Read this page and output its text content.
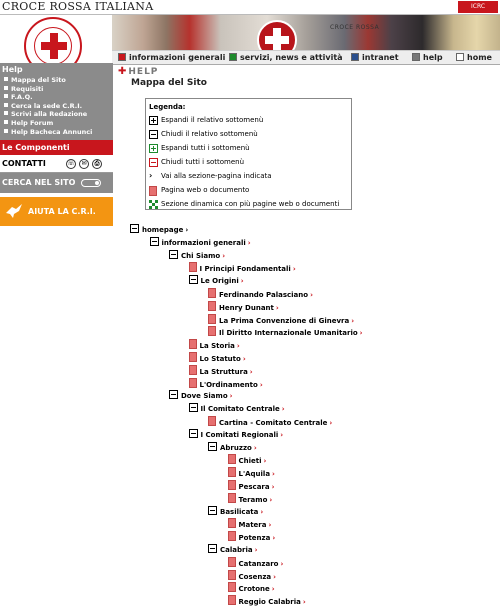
CROCE ROSSA ITALIANA	ICRC
CROCE ROSSA
informazioni generali	servizi, news e attività	intranet	help	home
Help
Mappa del Sito
Requisiti
F.A.Q.
Cerca la sede C.R.I.
Scrivi alla Redazione
Help Forum
Help Bacheca Annunci
Le Componenti
CONTATTI	☏	✉	⎙
CERCA NEL SITO
AIUTA LA C.R.I.
✚ HELP
Mappa del Sito
Legenda:
Espandi il relativo sottomenù
Chiudi il relativo sottomenù
Espandi tutti i sottomenù
Chiudi tutti i sottomenù
› Vai alla sezione-pagina indicata
Pagina web o documento
Sezione dinamica con più pagine web o documenti
homepage ›
informazioni generali ›
Chi Siamo ›
I Principi Fondamentali ›
Le Origini ›
Ferdinando Palasciano ›
Henry Dunant ›
La Prima Convenzione di Ginevra ›
Il Diritto Internazionale Umanitario ›
La Storia ›
Lo Statuto ›
La Struttura ›
L'Ordinamento ›
Dove Siamo ›
Il Comitato Centrale ›
Cartina - Comitato Centrale ›
I Comitati Regionali ›
Abruzzo ›
Chieti ›
L'Aquila ›
Pescara ›
Teramo ›
Basilicata ›
Matera ›
Potenza ›
Calabria ›
Catanzaro ›
Cosenza ›
Crotone ›
Reggio Calabria ›
